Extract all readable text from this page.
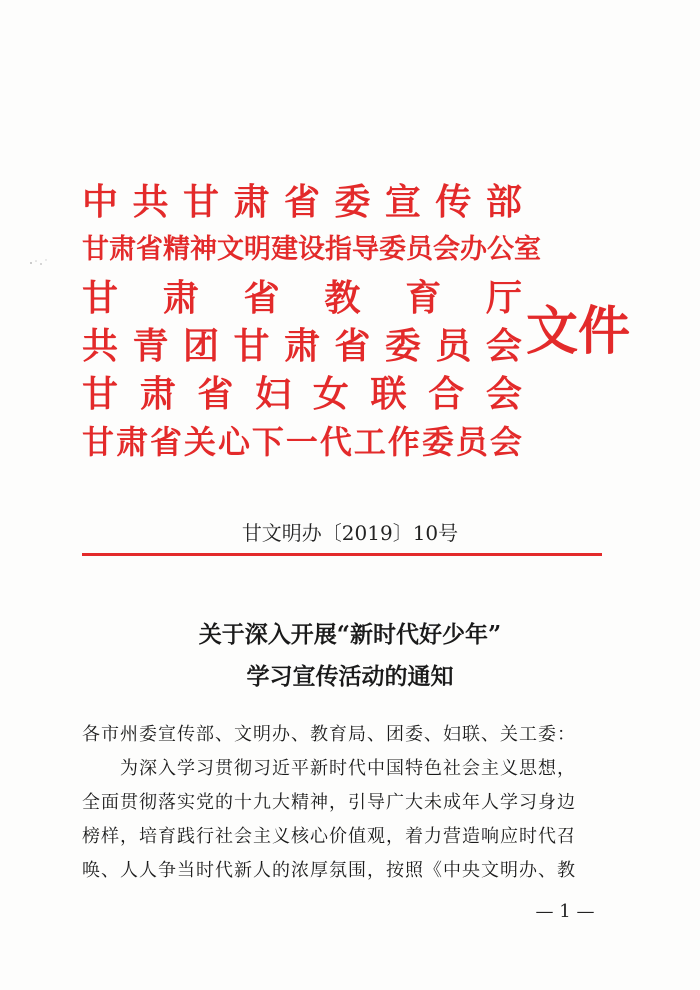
中 共 甘 肃 省 委 宣 传 部
甘 肃 省 精 神 文 明 建 设 指 导 委 员 会 办 公 室
甘 肃 省 教 育 厅
共 青 团 甘 肃 省 委 员 会
甘 肃 省 妇 女 联 合 会
甘 肃 省 关 心 下 一 代 工 作 委 员 会
文件
甘文明办〔2019〕10号
关于深入开展“新时代好少年”
学习宣传活动的通知
各市州委宣传部、文明办、教育局、团委、妇联、关工委：
为深入学习贯彻习近平新时代中国特色社会主义思想，
全面贯彻落实党的十九大精神，引导广大未成年人学习身边
榜样，培育践行社会主义核心价值观，着力营造响应时代召
唤、人人争当时代新人的浓厚氛围，按照《中央文明办、教
— 1 —
